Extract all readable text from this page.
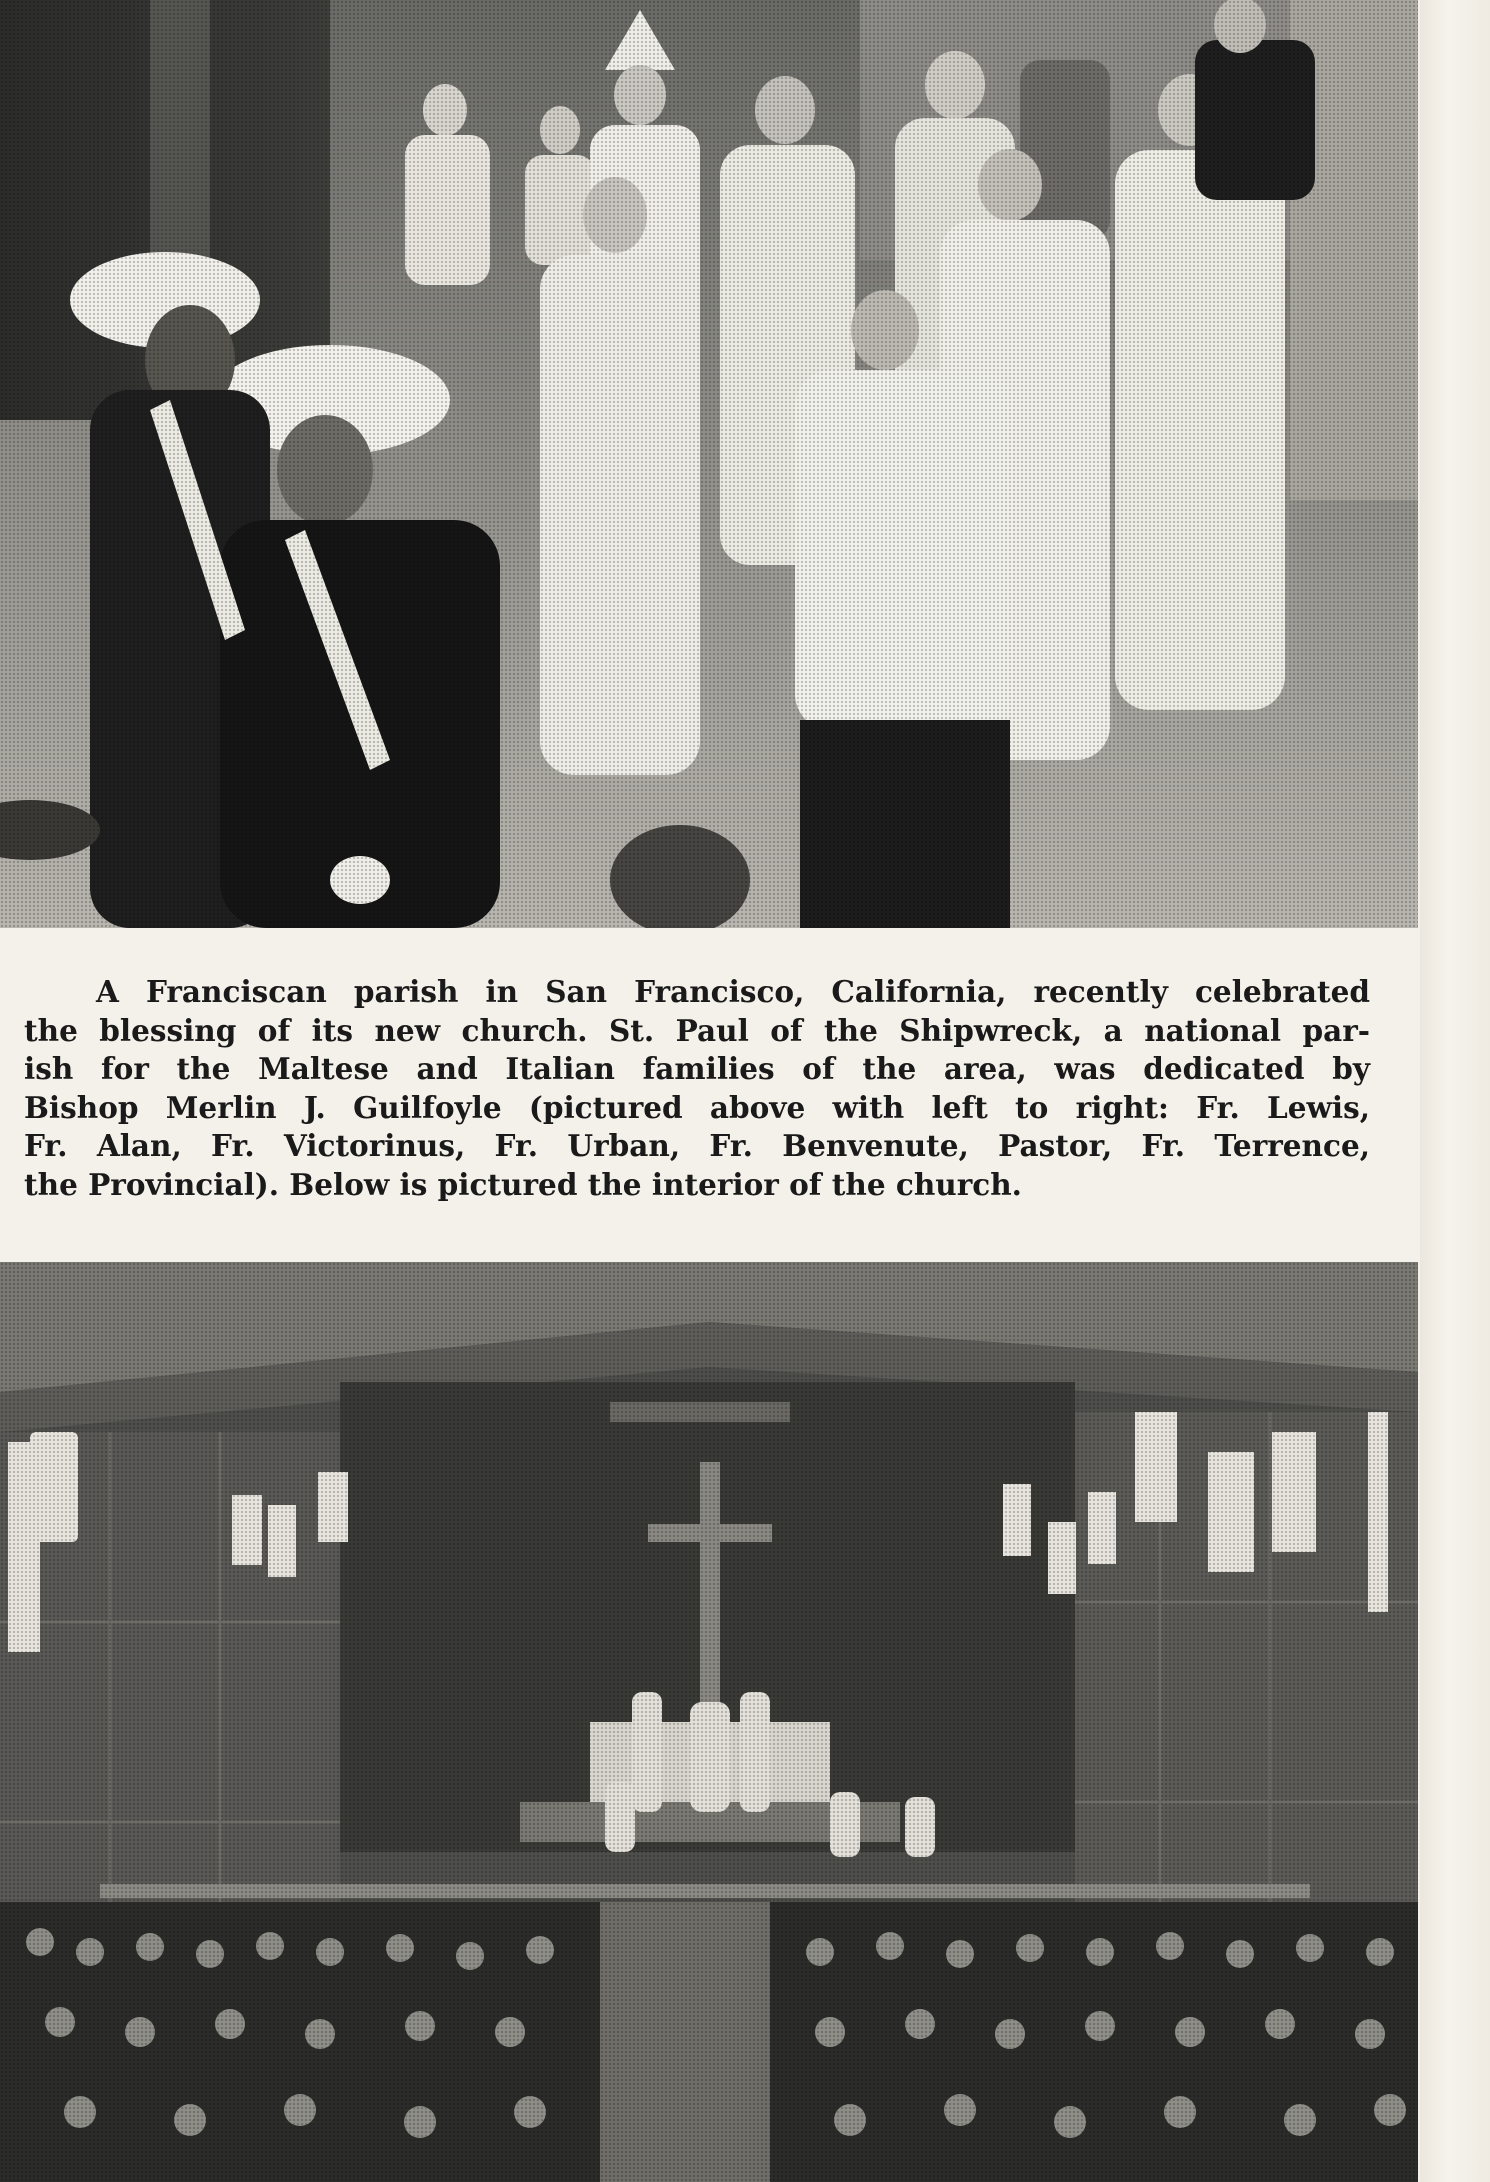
A Franciscan parish in San Francisco, California, recently celebrated
the blessing of its new church. St. Paul of the Shipwreck, a national par-
ish for the Maltese and Italian families of the area, was dedicated by
Bishop Merlin J. Guilfoyle (pictured above with left to right: Fr. Lewis,
Fr. Alan, Fr. Victorinus, Fr. Urban, Fr. Benvenute, Pastor, Fr. Terrence,
the Provincial). Below is pictured the interior of the church.
